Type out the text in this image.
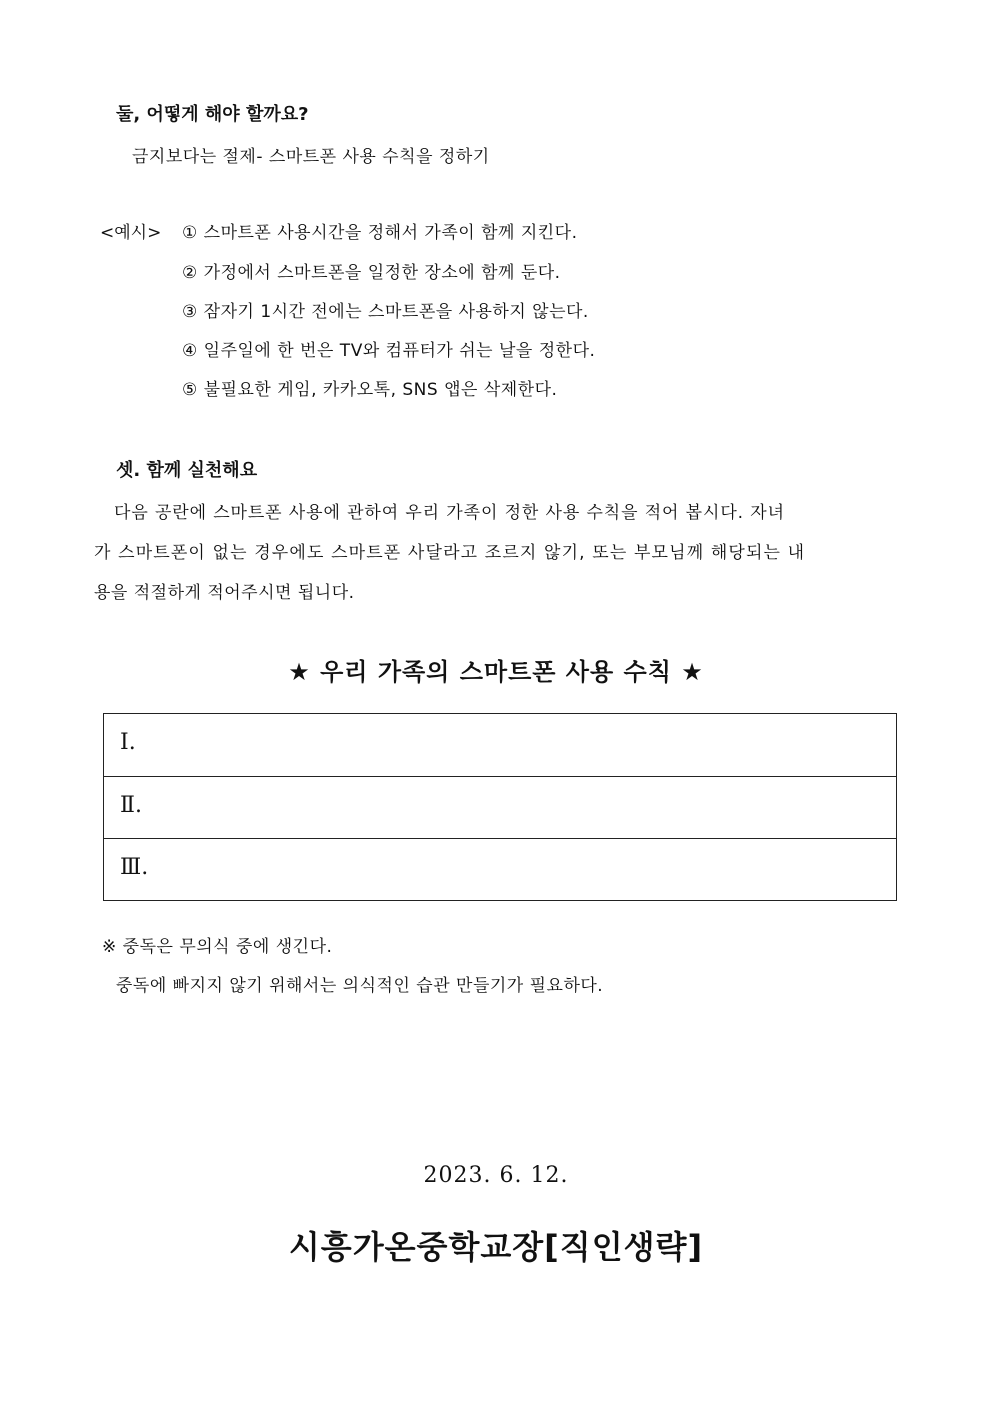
둘, 어떻게 해야 할까요?
금지보다는 절제- 스마트폰 사용 수칙을 정하기
<예시> ① 스마트폰 사용시간을 정해서 가족이 함께 지킨다.
② 가정에서 스마트폰을 일정한 장소에 함께 둔다.
③ 잠자기 1시간 전에는 스마트폰을 사용하지 않는다.
④ 일주일에 한 번은 TV와 컴퓨터가 쉬는 날을 정한다.
⑤ 불필요한 게임, 카카오톡, SNS 앱은 삭제한다.
셋. 함께 실천해요
다음 공란에 스마트폰 사용에 관하여 우리 가족이 정한 사용 수칙을 적어 봅시다. 자녀
가 스마트폰이 없는 경우에도 스마트폰 사달라고 조르지 않기, 또는 부모님께 해당되는 내
용을 적절하게 적어주시면 됩니다.
★ 우리 가족의 스마트폰 사용 수칙 ★
Ⅰ.
Ⅱ.
Ⅲ.
※ 중독은 무의식 중에 생긴다.
중독에 빠지지 않기 위해서는 의식적인 습관 만들기가 필요하다.
2023. 6. 12.
시흥가온중학교장[직인생략]
